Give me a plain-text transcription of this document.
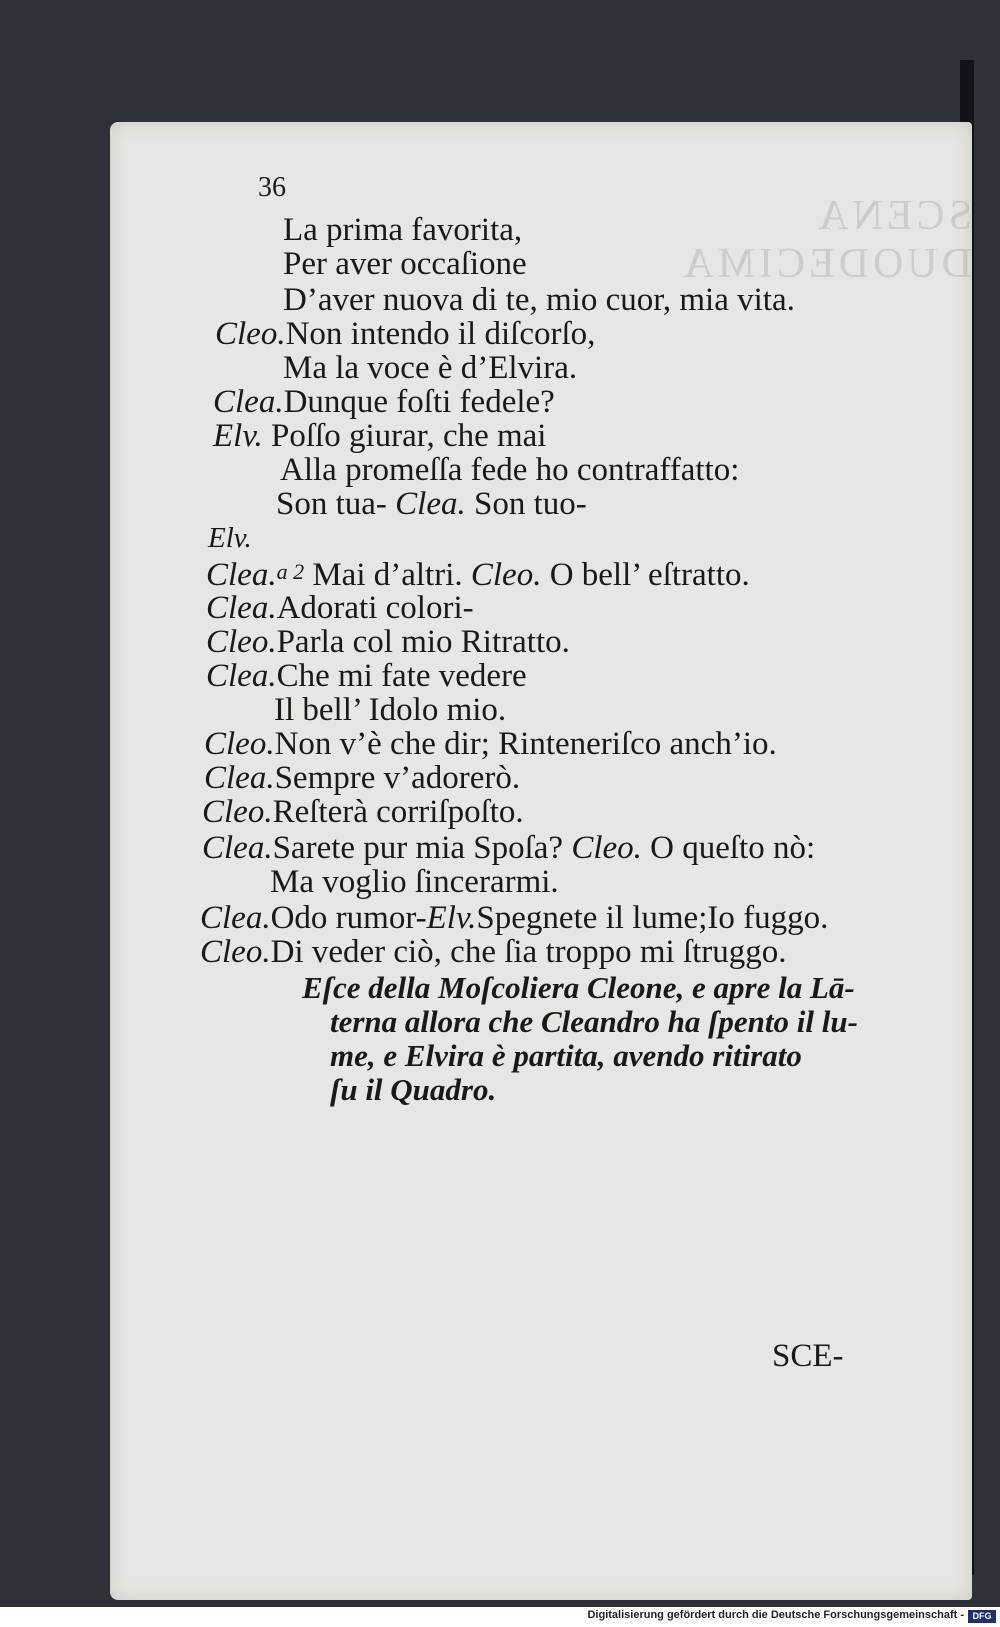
SCENA DUODECIMA
36
La prima favorita,
Per aver occaſione
D’aver nuova di te, mio cuor, mia vita.
Cleo.Non intendo il diſcorſo,
Ma la voce è d’Elvira.
Clea.Dunque foſti fedele?
Elv. Poſſo giurar, che mai
Alla promeſſa fede ho contraffatto:
Son tua- Clea. Son tuo-
Elv.
Clea.a 2 Mai d’altri. Cleo. O bell’ eſtratto.
Clea.Adorati colori-
Cleo.Parla col mio Ritratto.
Clea.Che mi fate vedere
Il bell’ Idolo mio.
Cleo.Non v’è che dir; Rinteneriſco anch’io.
Clea.Sempre v’adorerò.
Cleo.Reſterà corriſpoſto.
Clea.Sarete pur mia Spoſa? Cleo. O queſto nò:
Ma voglio ſincerarmi.
Clea.Odo rumor-Elv.Spegnete il lume;Io fuggo.
Cleo.Di veder ciò, che ſia troppo mi ſtruggo.
Eſce della Moſcoliera Cleone, e apre la Lā-
terna allora che Cleandro ha ſpento il lu-
me, e Elvira è partita, avendo ritirato
ſu il Quadro.
SCE-
Digitalisierung gefördert durch die Deutsche Forschungsgemeinschaft - DFG
